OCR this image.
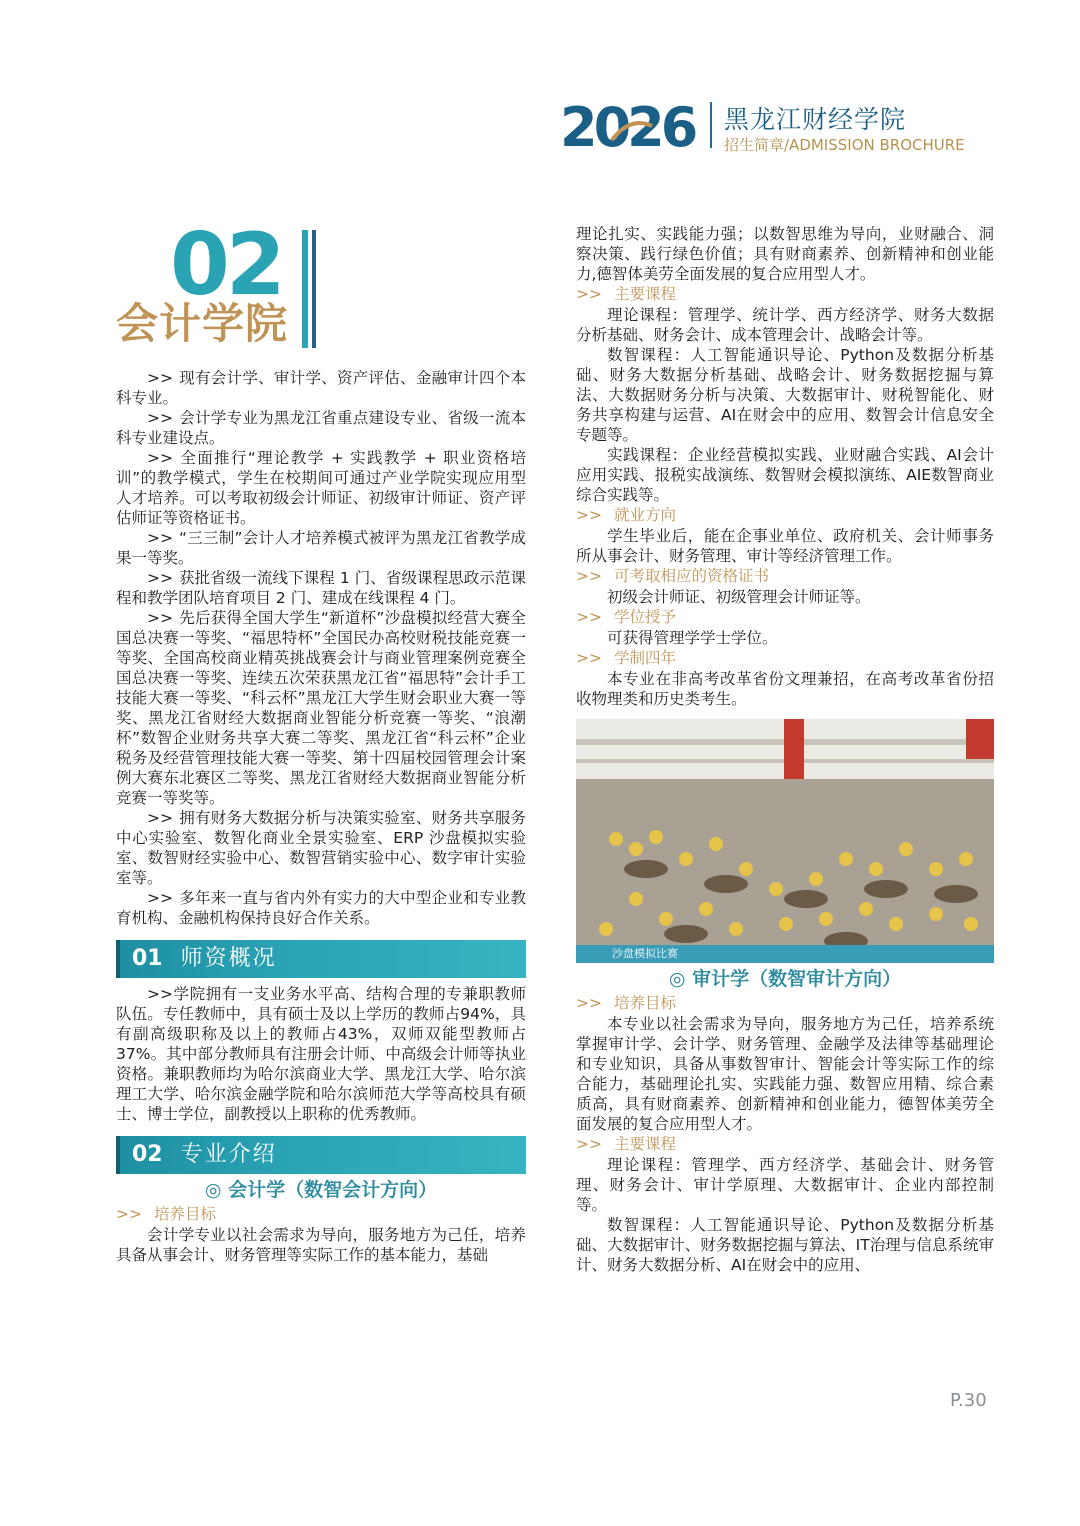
2026 黑龙江财经学院
招生简章/ADMISSION BROCHURE
02
会计学院

>> 现有会计学、审计学、资产评估、金融审计四个本科专业。

>> 会计学专业为黑龙江省重点建设专业、省级一流本科专业建设点。

>> 全面推行“理论教学 + 实践教学 + 职业资格培训”的教学模式，学生在校期间可通过产业学院实现应用型人才培养。可以考取初级会计师证、初级审计师证、资产评估师证等资格证书。

>> “三三制”会计人才培养模式被评为黑龙江省教学成果一等奖。

>> 获批省级一流线下课程 1 门、省级课程思政示范课程和教学团队培育项目 2 门、建成在线课程 4 门。

>> 先后获得全国大学生“新道杯”沙盘模拟经营大赛全国总决赛一等奖、“福思特杯”全国民办高校财税技能竞赛一等奖、全国高校商业精英挑战赛会计与商业管理案例竞赛全国总决赛一等奖、连续五次荣获黑龙江省“福思特”会计手工技能大赛一等奖、“科云杯”黑龙江大学生财会职业大赛一等奖、黑龙江省财经大数据商业智能分析竞赛一等奖、“浪潮杯”数智企业财务共享大赛二等奖、黑龙江省“科云杯”企业税务及经营管理技能大赛一等奖、第十四届校园管理会计案例大赛东北赛区二等奖、黑龙江省财经大数据商业智能分析竞赛一等奖等。

>> 拥有财务大数据分析与决策实验室、财务共享服务中心实验室、数智化商业全景实验室、ERP 沙盘模拟实验室、数智财经实验中心、数智营销实验中心、数字审计实验室等。

>> 多年来一直与省内外有实力的大中型企业和专业教育机构、金融机构保持良好合作关系。

01 师资概况

>>学院拥有一支业务水平高、结构合理的专兼职教师队伍。专任教师中，具有硕士及以上学历的教师占94%，具有副高级职称及以上的教师占43%，双师双能型教师占37%。其中部分教师具有注册会计师、中高级会计师等执业资格。兼职教师均为哈尔滨商业大学、黑龙江大学、哈尔滨理工大学、哈尔滨金融学院和哈尔滨师范大学等高校具有硕士、博士学位，副教授以上职称的优秀教师。

02 专业介绍
◎ 会计学（数智会计方向）
>> 培养目标

会计学专业以社会需求为导向，服务地方为己任，培养具备从事会计、财务管理等实际工作的基本能力，基础

理论扎实、实践能力强；以数智思维为导向，业财融合、洞察决策、践行绿色价值；具有财商素养、创新精神和创业能力,德智体美劳全面发展的复合应用型人才。

>> 主要课程

理论课程：管理学、统计学、西方经济学、财务大数据分析基础、财务会计、成本管理会计、战略会计等。

数智课程：人工智能通识导论、Python及数据分析基础、财务大数据分析基础、战略会计、财务数据挖掘与算法、大数据财务分析与决策、大数据审计、财税智能化、财务共享构建与运营、AI在财会中的应用、数智会计信息安全专题等。

实践课程：企业经营模拟实践、业财融合实践、AI会计应用实践、报税实战演练、数智财会模拟演练、AIE数智商业综合实践等。

>> 就业方向

学生毕业后，能在企事业单位、政府机关、会计师事务所从事会计、财务管理、审计等经济管理工作。

>> 可考取相应的资格证书

初级会计师证、初级管理会计师证等。

>> 学位授予

可获得管理学学士学位。

>> 学制四年

本专业在非高考改革省份文理兼招，在高考改革省份招收物理类和历史类考生。

沙盘模拟比赛
◎ 审计学（数智审计方向）
>> 培养目标

本专业以社会需求为导向，服务地方为己任，培养系统掌握审计学、会计学、财务管理、金融学及法律等基础理论和专业知识，具备从事数智审计、智能会计等实际工作的综合能力，基础理论扎实、实践能力强、数智应用精、综合素质高，具有财商素养、创新精神和创业能力，德智体美劳全面发展的复合应用型人才。

>> 主要课程

理论课程：管理学、西方经济学、基础会计、财务管理、财务会计、审计学原理、大数据审计、企业内部控制等。

数智课程：人工智能通识导论、Python及数据分析基础、大数据审计、财务数据挖掘与算法、IT治理与信息系统审计、财务大数据分析、AI在财会中的应用、

P.30
